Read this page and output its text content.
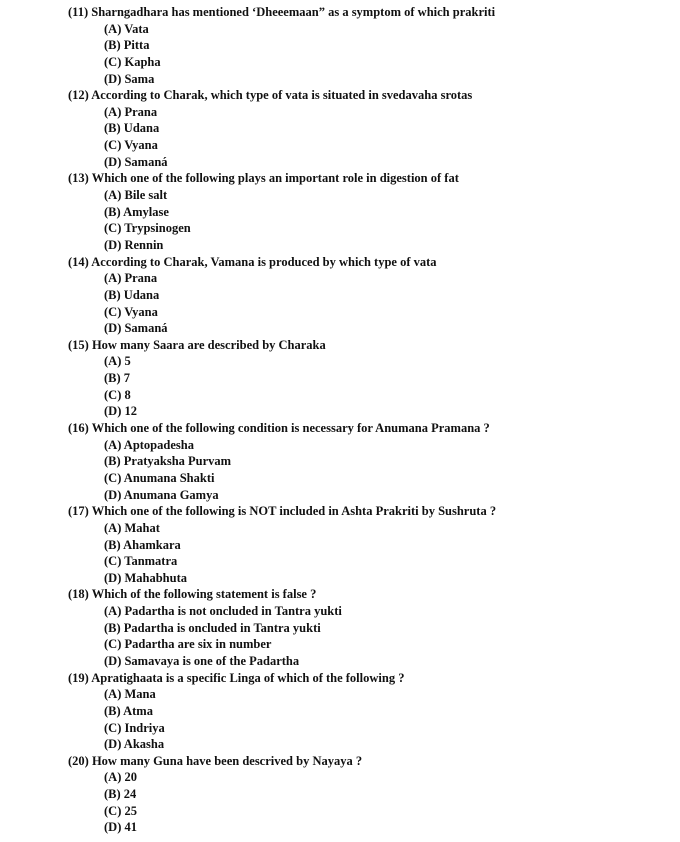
(11) Sharngadhara has mentioned ‘Dheeemaan” as a symptom of which prakriti
(A) Vata
(B) Pitta
(C) Kapha
(D) Sama
(12) According to Charak, which type of vata is situated in svedavaha srotas
(A) Prana
(B) Udana
(C) Vyana
(D) Samaná
(13) Which one of the following plays an important role in digestion of fat
(A) Bile salt
(B) Amylase
(C) Trypsinogen
(D) Rennin
(14) According to Charak, Vamana is produced by which type of vata
(A) Prana
(B) Udana
(C) Vyana
(D) Samaná
(15) How many Saara are described by Charaka
(A) 5
(B) 7
(C) 8
(D) 12
(16) Which one of the following condition is necessary for Anumana Pramana ?
(A) Aptopadesha
(B) Pratyaksha Purvam
(C) Anumana Shakti
(D) Anumana Gamya
(17) Which one of the following is NOT included in Ashta Prakriti by Sushruta ?
(A) Mahat
(B) Ahamkara
(C) Tanmatra
(D) Mahabhuta
(18) Which of the following statement is false ?
(A) Padartha is not oncluded in Tantra yukti
(B) Padartha is oncluded in Tantra yukti
(C) Padartha are six in number
(D) Samavaya is one of the Padartha
(19) Apratighaata is a specific Linga of which of the following ?
(A) Mana
(B) Atma
(C) Indriya
(D) Akasha
(20) How many Guna have been descrived by Nayaya ?
(A) 20
(B) 24
(C) 25
(D) 41
